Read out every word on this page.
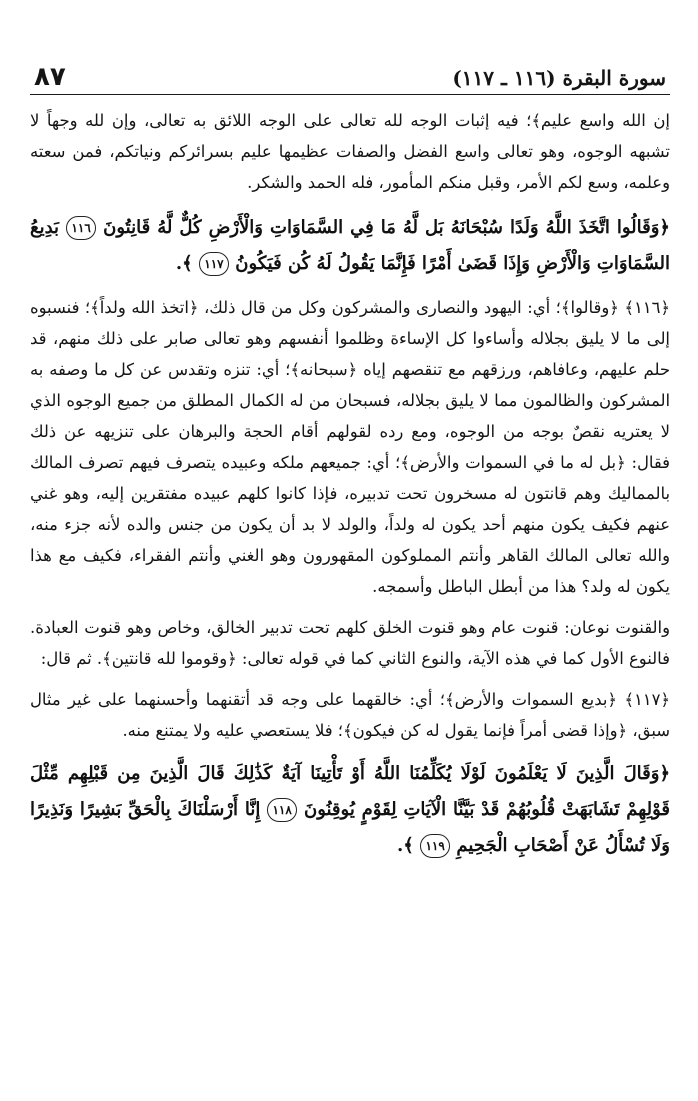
سورة البقرة (١١٦ ـ ١١٧)
٨٧

إن الله واسع عليم﴾؛ فيه إثبات الوجه لله تعالى على الوجه اللائق به تعالى، وإن لله وجهاً لا تشبهه الوجوه، وهو تعالى واسع الفضل والصفات عظيمها عليم بسرائركم ونياتكم، فمن سعته وعلمه، وسع لكم الأمر، وقبل منكم المأمور، فله الحمد والشكر.

﴿وَقَالُوا اتَّخَذَ اللَّهُ وَلَدًا سُبْحَانَهُ بَل لَّهُ مَا فِي السَّمَاوَاتِ وَالْأَرْضِ كُلٌّ لَّهُ قَانِتُونَ ١١٦ بَدِيعُ السَّمَاوَاتِ وَالْأَرْضِ وَإِذَا قَضَىٰ أَمْرًا فَإِنَّمَا يَقُولُ لَهُ كُن فَيَكُونُ ١١٧ ﴾.

﴿١١٦﴾ ﴿وقالوا﴾؛ أي: اليهود والنصارى والمشركون وكل من قال ذلك، ﴿اتخذ الله ولداً﴾؛ فنسبوه إلى ما لا يليق بجلاله وأساءوا كل الإساءة وظلموا أنفسهم وهو تعالى صابر على ذلك منهم، قد حلم عليهم، وعافاهم، ورزقهم مع تنقصهم إياه ﴿سبحانه﴾؛ أي: تنزه وتقدس عن كل ما وصفه به المشركون والظالمون مما لا يليق بجلاله، فسبحان من له الكمال المطلق من جميع الوجوه الذي لا يعتريه نقصٌ بوجه من الوجوه، ومع رده لقولهم أقام الحجة والبرهان على تنزيهه عن ذلك فقال: ﴿بل له ما في السموات والأرض﴾؛ أي: جميعهم ملكه وعبيده يتصرف فيهم تصرف المالك بالمماليك وهم قانتون له مسخرون تحت تدبيره، فإذا كانوا كلهم عبيده مفتقرين إليه، وهو غني عنهم فكيف يكون منهم أحد يكون له ولداً، والولد لا بد أن يكون من جنس والده لأنه جزء منه، والله تعالى المالك القاهر وأنتم المملوكون المقهورون وهو الغني وأنتم الفقراء، فكيف مع هذا يكون له ولد؟ هذا من أبطل الباطل وأسمجه.

والقنوت نوعان: قنوت عام وهو قنوت الخلق كلهم تحت تدبير الخالق، وخاص وهو قنوت العبادة. فالنوع الأول كما في هذه الآية، والنوع الثاني كما في قوله تعالى: ﴿وقوموا لله قانتين﴾. ثم قال:

﴿١١٧﴾ ﴿بديع السموات والأرض﴾؛ أي: خالقهما على وجه قد أتقنهما وأحسنهما على غير مثال سبق، ﴿وإذا قضى أمراً فإنما يقول له كن فيكون﴾؛ فلا يستعصي عليه ولا يمتنع منه.

﴿وَقَالَ الَّذِينَ لَا يَعْلَمُونَ لَوْلَا يُكَلِّمُنَا اللَّهُ أَوْ تَأْتِينَا آيَةٌ كَذَٰلِكَ قَالَ الَّذِينَ مِن قَبْلِهِم مِّثْلَ قَوْلِهِمْ تَشَابَهَتْ قُلُوبُهُمْ قَدْ بَيَّنَّا الْآيَاتِ لِقَوْمٍ يُوقِنُونَ ١١٨ إِنَّا أَرْسَلْنَاكَ بِالْحَقِّ بَشِيرًا وَنَذِيرًا وَلَا تُسْأَلُ عَنْ أَصْحَابِ الْجَحِيمِ ١١٩ ﴾.
